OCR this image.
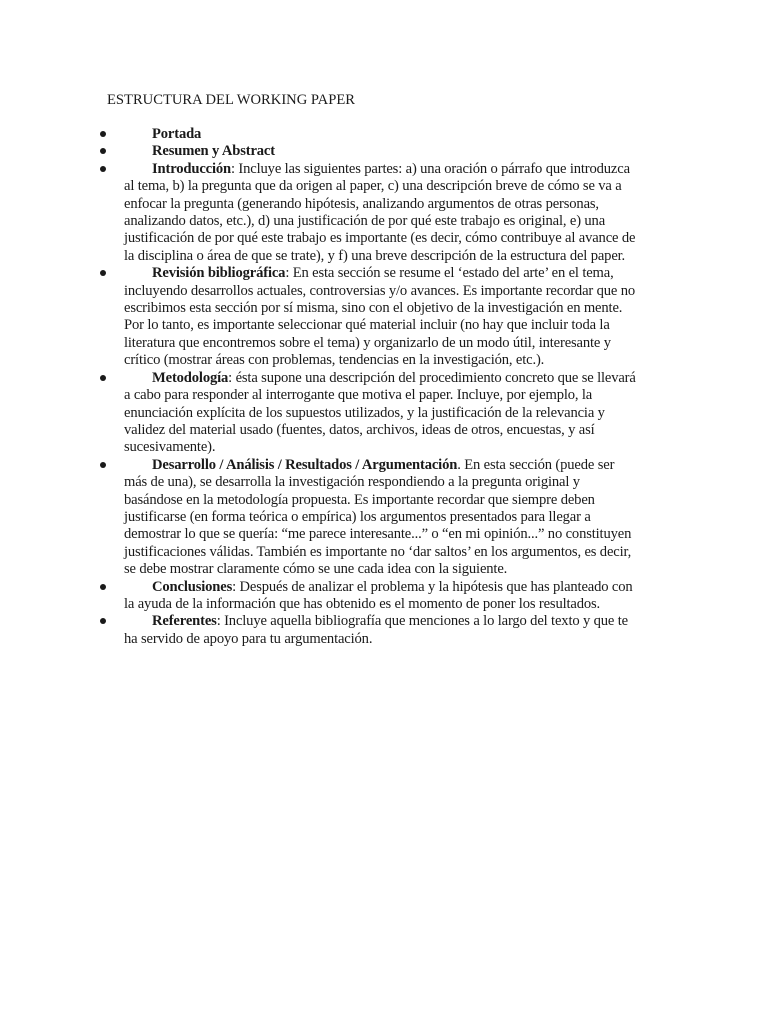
ESTRUCTURA DEL WORKING PAPER
Portada
Resumen y Abstract
Introducción: Incluye las siguientes partes: a) una oración o párrafo que introduzca al tema, b) la pregunta que da origen al paper, c) una descripción breve de cómo se va a enfocar la pregunta (generando hipótesis, analizando argumentos de otras personas, analizando datos, etc.), d) una justificación de por qué este trabajo es original, e) una justificación de por qué este trabajo es importante (es decir, cómo contribuye al avance de la disciplina o área de que se trate), y f) una breve descripción de la estructura del paper.
Revisión bibliográfica: En esta sección se resume el ‘estado del arte’ en el tema, incluyendo desarrollos actuales, controversias y/o avances. Es importante recordar que no escribimos esta sección por sí misma, sino con el objetivo de la investigación en mente. Por lo tanto, es importante seleccionar qué material incluir (no hay que incluir toda la literatura que encontremos sobre el tema) y organizarlo de un modo útil, interesante y crítico (mostrar áreas con problemas, tendencias en la investigación, etc.).
Metodología: ésta supone una descripción del procedimiento concreto que se llevará a cabo para responder al interrogante que motiva el paper. Incluye, por ejemplo, la enunciación explícita de los supuestos utilizados, y la justificación de la relevancia y validez del material usado (fuentes, datos, archivos, ideas de otros, encuestas, y así sucesivamente).
Desarrollo / Análisis / Resultados / Argumentación. En esta sección (puede ser más de una), se desarrolla la investigación respondiendo a la pregunta original y basándose en la metodología propuesta. Es importante recordar que siempre deben justificarse (en forma teórica o empírica) los argumentos presentados para llegar a demostrar lo que se quería: “me parece interesante...” o “en mi opinión...” no constituyen justificaciones válidas. También es importante no ‘dar saltos’ en los argumentos, es decir, se debe mostrar claramente cómo se une cada idea con la siguiente.
Conclusiones: Después de analizar el problema y la hipótesis que has planteado con la ayuda de la información que has obtenido es el momento de poner los resultados.
Referentes: Incluye aquella bibliografía que menciones a lo largo del texto y que te ha servido de apoyo para tu argumentación.
